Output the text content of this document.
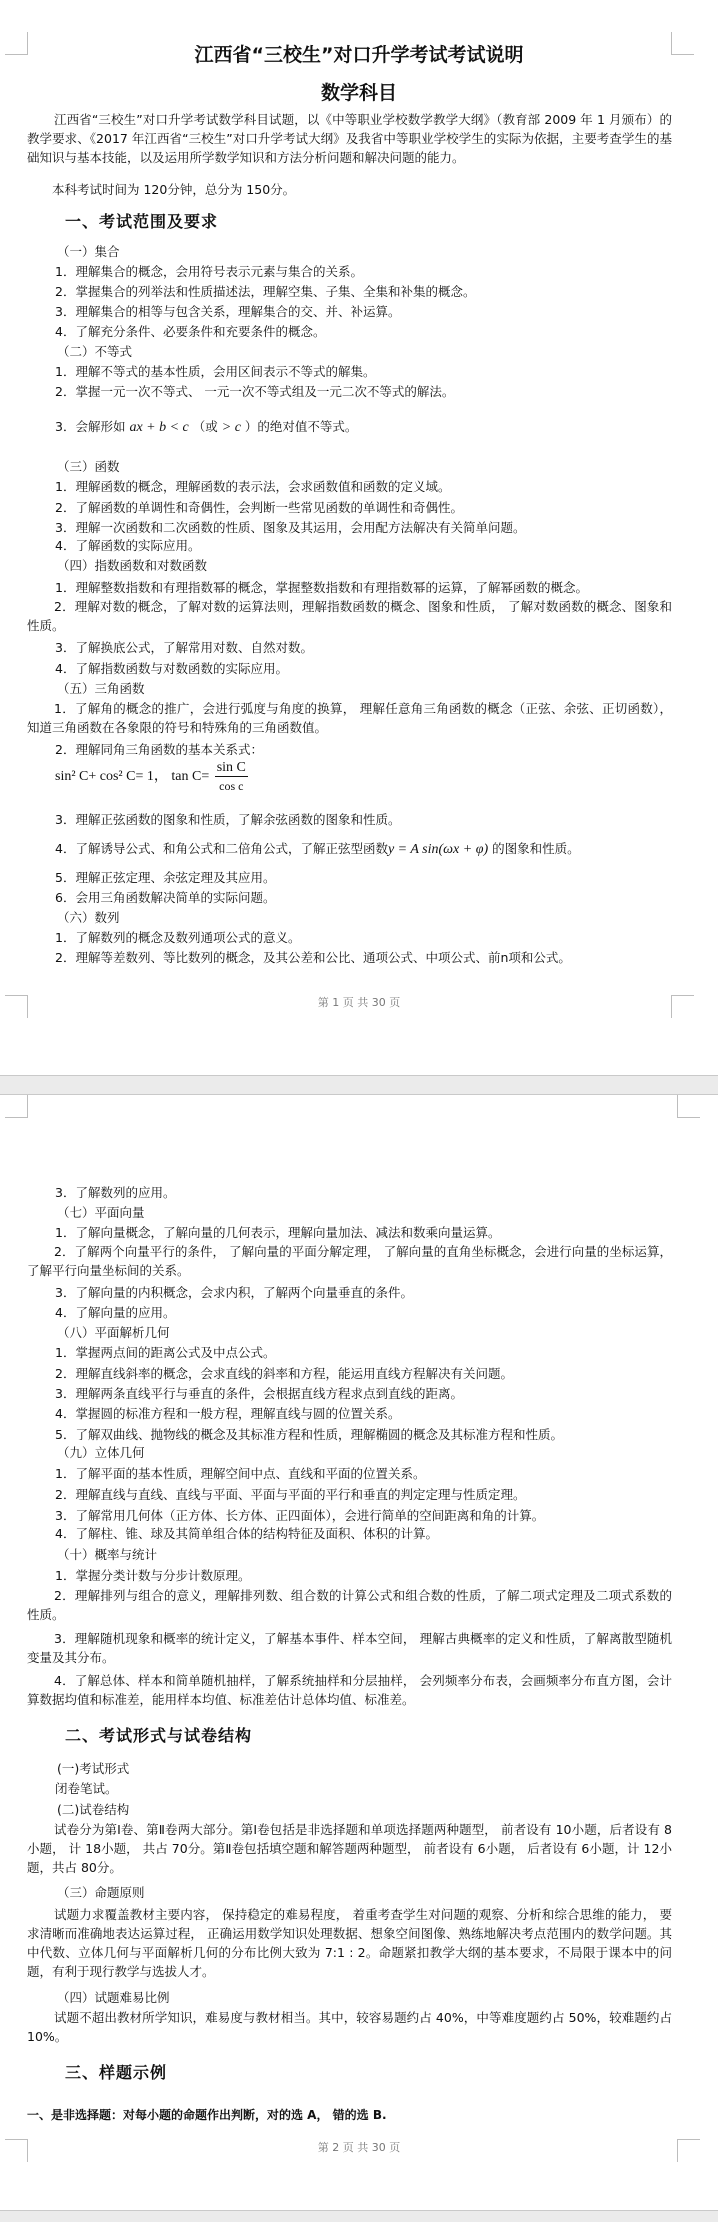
江西省“三校生”对口升学考试考试说明
数学科目
江西省“三校生”对口升学考试数学科目试题，以《中等职业学校数学教学大纲》（教育部 2009 年 1 月颁布）的教学要求、《2017 年江西省“三校生”对口升学考试大纲》及我省中等职业学校学生的实际为依据，主要考查学生的基础知识与基本技能，以及运用所学数学知识和方法分析问题和解决问题的能力。
本科考试时间为 120分钟，总分为 150分。
一、考试范围及要求
（一）集合
1．理解集合的概念，会用符号表示元素与集合的关系。
2．掌握集合的列举法和性质描述法，理解空集、子集、全集和补集的概念。
3．理解集合的相等与包含关系，理解集合的交、并、补运算。
4．了解充分条件、必要条件和充要条件的概念。
（二）不等式
1．理解不等式的基本性质，会用区间表示不等式的解集。
2．掌握一元一次不等式、 一元一次不等式组及一元二次不等式的解法。
3．会解形如 ax + b < c （或 > c ）的绝对值不等式。
（三）函数
1．理解函数的概念，理解函数的表示法，会求函数值和函数的定义域。
2．了解函数的单调性和奇偶性，会判断一些常见函数的单调性和奇偶性。
3．理解一次函数和二次函数的性质、图象及其运用，会用配方法解决有关简单问题。
4．了解函数的实际应用。
（四）指数函数和对数函数
1．理解整数指数和有理指数幂的概念，掌握整数指数和有理指数幂的运算，了解幂函数的概念。
2．理解对数的概念，了解对数的运算法则，理解指数函数的概念、图象和性质， 了解对数函数的概念、图象和性质。
3．了解换底公式，了解常用对数、自然对数。
4．了解指数函数与对数函数的实际应用。
（五）三角函数
1．了解角的概念的推广，会进行弧度与角度的换算， 理解任意角三角函数的概念（正弦、余弦、正切函数），知道三角函数在各象限的符号和特殊角的三角函数值。
2．理解同角三角函数的基本关系式：
sin² C+ cos² C= 1， $\tan C= \frac{\text{sin C}}{\text{cos c}}$
3．理解正弦函数的图象和性质，了解余弦函数的图象和性质。
4．了解诱导公式、和角公式和二倍角公式，了解正弦型函数y = A sin(ωx + φ) 的图象和性质。
5．理解正弦定理、余弦定理及其应用。
6．会用三角函数解决简单的实际问题。
（六）数列
1．了解数列的概念及数列通项公式的意义。
2．理解等差数列、等比数列的概念，及其公差和公比、通项公式、中项公式、前n项和公式。
第 1 页 共 30 页
3．了解数列的应用。
（七）平面向量
1．了解向量概念，了解向量的几何表示，理解向量加法、减法和数乘向量运算。
2．了解两个向量平行的条件， 了解向量的平面分解定理， 了解向量的直角坐标概念，会进行向量的坐标运算，了解平行向量坐标间的关系。
3．了解向量的内积概念，会求内积，了解两个向量垂直的条件。
4．了解向量的应用。
（八）平面解析几何
1．掌握两点间的距离公式及中点公式。
2．理解直线斜率的概念，会求直线的斜率和方程，能运用直线方程解决有关问题。
3．理解两条直线平行与垂直的条件，会根据直线方程求点到直线的距离。
4．掌握圆的标准方程和一般方程，理解直线与圆的位置关系。
5．了解双曲线、抛物线的概念及其标准方程和性质，理解椭圆的概念及其标准方程和性质。
（九）立体几何
1．了解平面的基本性质，理解空间中点、直线和平面的位置关系。
2．理解直线与直线、直线与平面、平面与平面的平行和垂直的判定定理与性质定理。
3．了解常用几何体（正方体、长方体、正四面体），会进行简单的空间距离和角的计算。
4．了解柱、锥、球及其简单组合体的结构特征及面积、体积的计算。
（十）概率与统计
1．掌握分类计数与分步计数原理。
2．理解排列与组合的意义，理解排列数、组合数的计算公式和组合数的性质，了解二项式定理及二项式系数的性质。
3．理解随机现象和概率的统计定义，了解基本事件、样本空间， 理解古典概率的定义和性质，了解离散型随机变量及其分布。
4．了解总体、样本和简单随机抽样，了解系统抽样和分层抽样， 会列频率分布表，会画频率分布直方图，会计算数据均值和标准差，能用样本均值、标准差估计总体均值、标准差。
二、考试形式与试卷结构
(一)考试形式
闭卷笔试。
(二)试卷结构
试卷分为第Ⅰ卷、第Ⅱ卷两大部分。第Ⅰ卷包括是非选择题和单项选择题两种题型， 前者设有 10小题，后者设有 8小题， 计 18小题， 共占 70分。第Ⅱ卷包括填空题和解答题两种题型， 前者设有 6小题， 后者设有 6小题，计 12小题，共占 80分。
（三）命题原则
试题力求覆盖教材主要内容， 保持稳定的难易程度， 着重考查学生对问题的观察、分析和综合思维的能力， 要求清晰而准确地表达运算过程， 正确运用数学知识处理数据、想象空间图像、熟练地解决考点范围内的数学问题。其中代数、立体几何与平面解析几何的分布比例大致为 7:1 : 2。命题紧扣教学大纲的基本要求，不局限于课本中的问题，有利于现行教学与选拔人才。
（四）试题难易比例
试题不超出教材所学知识，难易度与教材相当。其中，较容易题约占 40%，中等难度题约占 50%，较难题约占 10%。
三、样题示例
一、是非选择题：对每小题的命题作出判断，对的选 A， 错的选 B.
第 2 页 共 30 页
